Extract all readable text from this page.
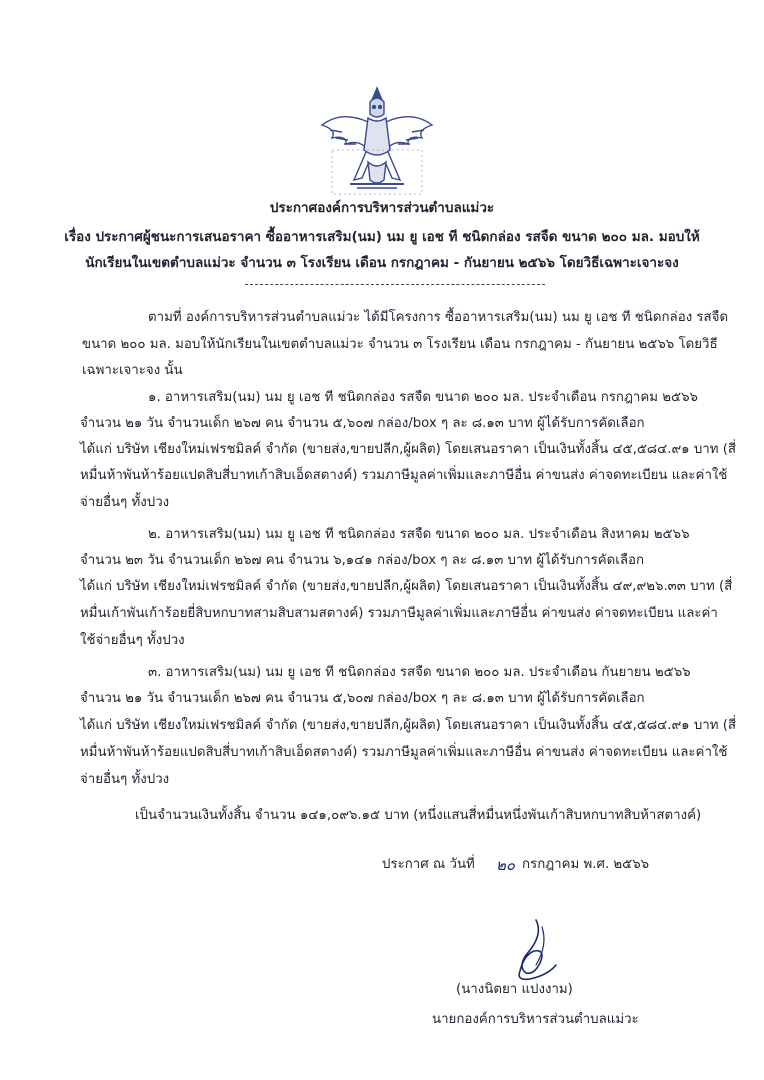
ประกาศองค์การบริหารส่วนตำบลแม่วะ
เรื่อง ประกาศผู้ชนะการเสนอราคา ซื้ออาหารเสริม(นม) นม ยู เอช ที ชนิดกล่อง รสจืด ขนาด ๒๐๐ มล. มอบให้
นักเรียนในเขตตำบลแม่วะ จำนวน ๓ โรงเรียน เดือน กรกฎาคม - กันยายน ๒๕๖๖ โดยวิธีเฉพาะเจาะจง
ตามที่ องค์การบริหารส่วนตำบลแม่วะ ได้มีโครงการ ซื้ออาหารเสริม(นม) นม ยู เอช ที ชนิดกล่อง รสจืด
ขนาด ๒๐๐ มล. มอบให้นักเรียนในเขตตำบลแม่วะ จำนวน ๓ โรงเรียน เดือน กรกฎาคม - กันยายน ๒๕๖๖ โดยวิธี
เฉพาะเจาะจง นั้น
๑. อาหารเสริม(นม) นม ยู เอช ที ชนิดกล่อง รสจืด ขนาด ๒๐๐ มล. ประจำเดือน กรกฎาคม ๒๕๖๖
จำนวน ๒๑ วัน จำนวนเด็ก ๒๖๗ คน จำนวน ๕,๖๐๗ กล่อง/box ๆ ละ ๘.๑๓ บาท ผู้ได้รับการคัดเลือก
ได้แก่ บริษัท เชียงใหม่เฟรชมิลค์ จำกัด (ขายส่ง,ขายปลีก,ผู้ผลิต) โดยเสนอราคา เป็นเงินทั้งสิ้น ๔๕,๕๘๔.๙๑ บาท (สี่
หมื่นห้าพันห้าร้อยแปดสิบสี่บาทเก้าสิบเอ็ดสตางค์) รวมภาษีมูลค่าเพิ่มและภาษีอื่น ค่าขนส่ง ค่าจดทะเบียน และค่าใช้
จ่ายอื่นๆ ทั้งปวง
๒. อาหารเสริม(นม) นม ยู เอช ที ชนิดกล่อง รสจืด ขนาด ๒๐๐ มล. ประจำเดือน สิงหาคม ๒๕๖๖
จำนวน ๒๓ วัน จำนวนเด็ก ๒๖๗ คน จำนวน ๖,๑๔๑ กล่อง/box ๆ ละ ๘.๑๓ บาท ผู้ได้รับการคัดเลือก
ได้แก่ บริษัท เชียงใหม่เฟรชมิลค์ จำกัด (ขายส่ง,ขายปลีก,ผู้ผลิต) โดยเสนอราคา เป็นเงินทั้งสิ้น ๔๙,๙๒๖.๓๓ บาท (สี่
หมื่นเก้าพันเก้าร้อยยี่สิบหกบาทสามสิบสามสตางค์) รวมภาษีมูลค่าเพิ่มและภาษีอื่น ค่าขนส่ง ค่าจดทะเบียน และค่า
ใช้จ่ายอื่นๆ ทั้งปวง
๓. อาหารเสริม(นม) นม ยู เอช ที ชนิดกล่อง รสจืด ขนาด ๒๐๐ มล. ประจำเดือน กันยายน ๒๕๖๖
จำนวน ๒๑ วัน จำนวนเด็ก ๒๖๗ คน จำนวน ๕,๖๐๗ กล่อง/box ๆ ละ ๘.๑๓ บาท ผู้ได้รับการคัดเลือก
ได้แก่ บริษัท เชียงใหม่เฟรชมิลค์ จำกัด (ขายส่ง,ขายปลีก,ผู้ผลิต) โดยเสนอราคา เป็นเงินทั้งสิ้น ๔๕,๕๘๔.๙๑ บาท (สี่
หมื่นห้าพันห้าร้อยแปดสิบสี่บาทเก้าสิบเอ็ดสตางค์) รวมภาษีมูลค่าเพิ่มและภาษีอื่น ค่าขนส่ง ค่าจดทะเบียน และค่าใช้
จ่ายอื่นๆ ทั้งปวง
เป็นจำนวนเงินทั้งสิ้น จำนวน ๑๔๑,๐๙๖.๑๕ บาท (หนึ่งแสนสี่หมื่นหนึ่งพันเก้าสิบหกบาทสิบห้าสตางค์)
ประกาศ ณ วันที่ ๒๐ กรกฎาคม พ.ศ. ๒๕๖๖
(นางนิตยา แปงงาม)
นายกองค์การบริหารส่วนตำบลแม่วะ
